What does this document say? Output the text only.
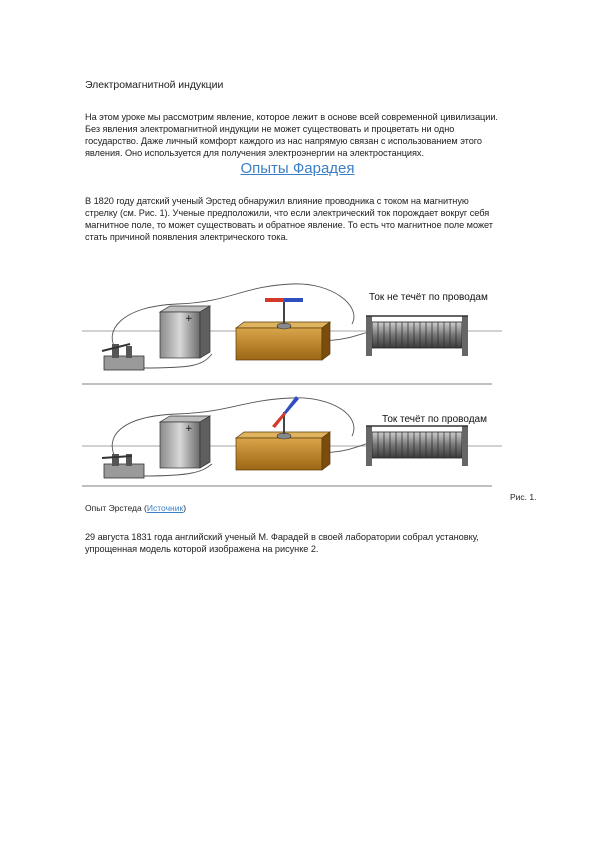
Электромагнитной индукции
На этом уроке мы рассмотрим явление, которое лежит в основе всей современной цивилизации.
Без явления электромагнитной индукции не может существовать и процветать ни одно
государство. Даже личный комфорт каждого из нас напрямую связан с использованием этого
явления. Оно используется для получения электроэнергии на электростанциях.
Опыты Фарадея
В 1820 году датский ученый Эрстед обнаружил влияние проводника с током на магнитную
стрелку (см. Рис. 1). Ученые предположили, что если электрический ток порождает вокруг себя
магнитное поле, то может существовать и обратное явление. То есть что магнитное поле может
стать причиной появления электрического тока.
+
Ток не течёт по проводам
+
Ток течёт по проводам
Рис. 1.
Опыт Эрстеда (Источник)
29 августа 1831 года английский ученый М. Фарадей в своей лаборатории собрал установку,
упрощенная модель которой изображена на рисунке 2.
